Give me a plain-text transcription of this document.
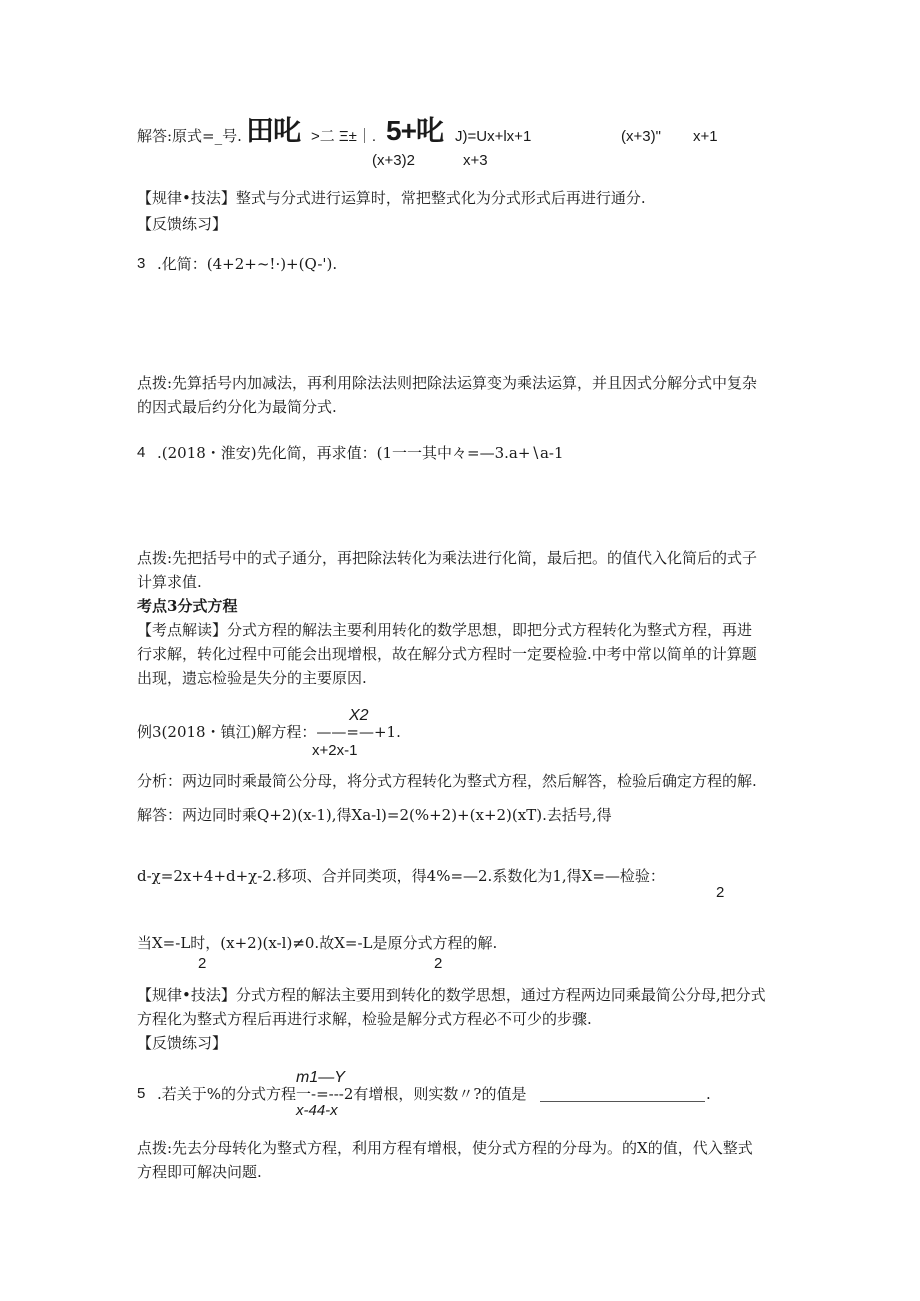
解答:原式=_号. 田叱 >二 Ξ±｜. 5+叱 J)=Ux+lx+1	(x+3)" x+1
(x+3)2	x+3
【规律•技法】整式与分式进行运算时，常把整式化为分式形式后再进行通分.
【反馈练习】
3 .化简：(4+2+~!·)+(Q-').
点拨:先算括号内加减法，再利用除法法则把除法运算变为乘法运算，并且因式分解分式中复杂
的因式最后约分化为最简分式.
4 .(2018・淮安)先化简，再求值：(1一一其中々=—3.a+∖a-1
点拨:先把括号中的式子通分，再把除法转化为乘法进行化简，最后把。的值代入化简后的式子
计算求值.
考点3分式方程
【考点解读】分式方程的解法主要利用转化的数学思想，即把分式方程转化为整式方程，再进
行求解，转化过程中可能会出现增根，故在解分式方程时一定要检验.中考中常以简单的计算题
出现，遗忘检验是失分的主要原因.
X2
例3(2018・镇江)解方程：——=—+1.
x+2x-1
分析：两边同时乘最简公分母，将分式方程转化为整式方程，然后解答，检验后确定方程的解.
解答：两边同时乘Q+2)(x-1),得Xa-l)=2(%+2)+(x+2)(xT).去括号,得
d-χ=2x+4+d+χ-2.移项、合并同类项，得4%=—2.系数化为1,得X=—检验：
2
当X=-L时，(x+2)(x-l)≠0.故X=-L是原分式方程的解.
2	2
【规律•技法】分式方程的解法主要用到转化的数学思想，通过方程两边同乘最简公分母,把分式
方程化为整式方程后再进行求解，检验是解分式方程必不可少的步骤.
【反馈练习】
m1—Y
5 .若关于%的分式方程一-=---2有增根，则实数〃?的值是	.
x-44-x
点拨:先去分母转化为整式方程，利用方程有增根，使分式方程的分母为。的X的值，代入整式
方程即可解决问题.
